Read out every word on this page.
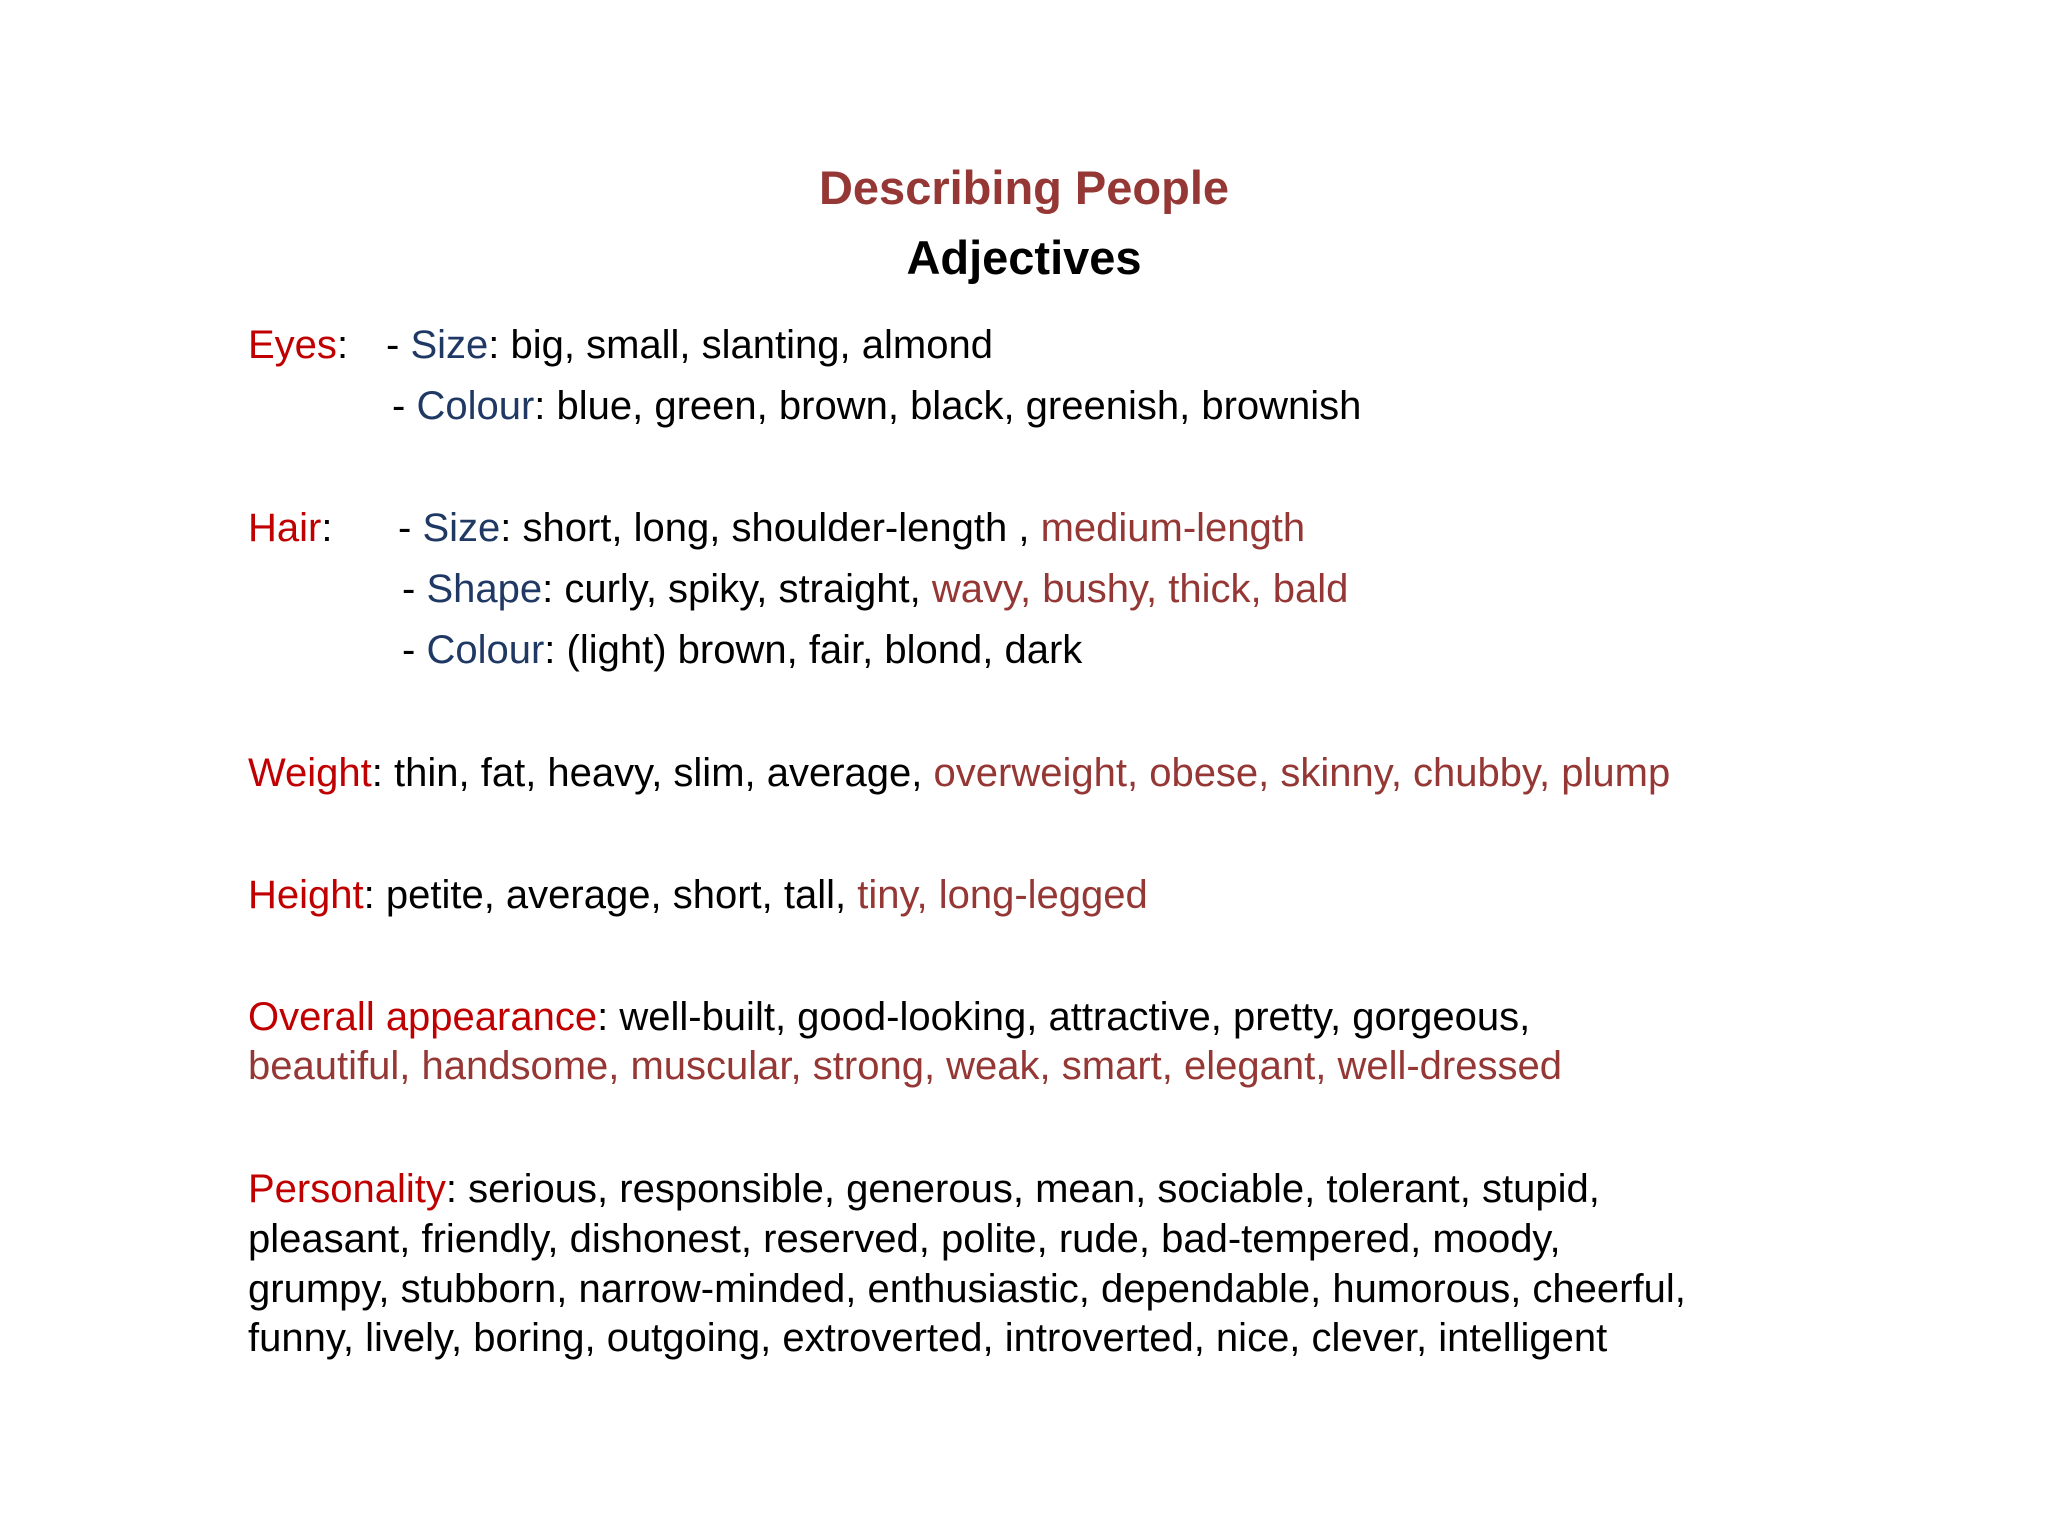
Describing People
Adjectives
Eyes: - Size: big, small, slanting, almond
- Colour: blue, green, brown, black, greenish, brownish
Hair: - Size: short, long, shoulder-length , medium-length
- Shape: curly, spiky, straight, wavy, bushy, thick, bald
- Colour: (light) brown, fair, blond, dark
Weight: thin, fat, heavy, slim, average, overweight, obese, skinny, chubby, plump
Height: petite, average, short, tall, tiny, long-legged
Overall appearance: well-built, good-looking, attractive, pretty, gorgeous,
beautiful, handsome, muscular, strong, weak, smart, elegant, well-dressed
Personality: serious, responsible, generous, mean, sociable, tolerant, stupid,
pleasant, friendly, dishonest, reserved, polite, rude, bad-tempered, moody,
grumpy, stubborn, narrow-minded, enthusiastic, dependable, humorous, cheerful,
funny, lively, boring, outgoing, extroverted, introverted, nice, clever, intelligent
